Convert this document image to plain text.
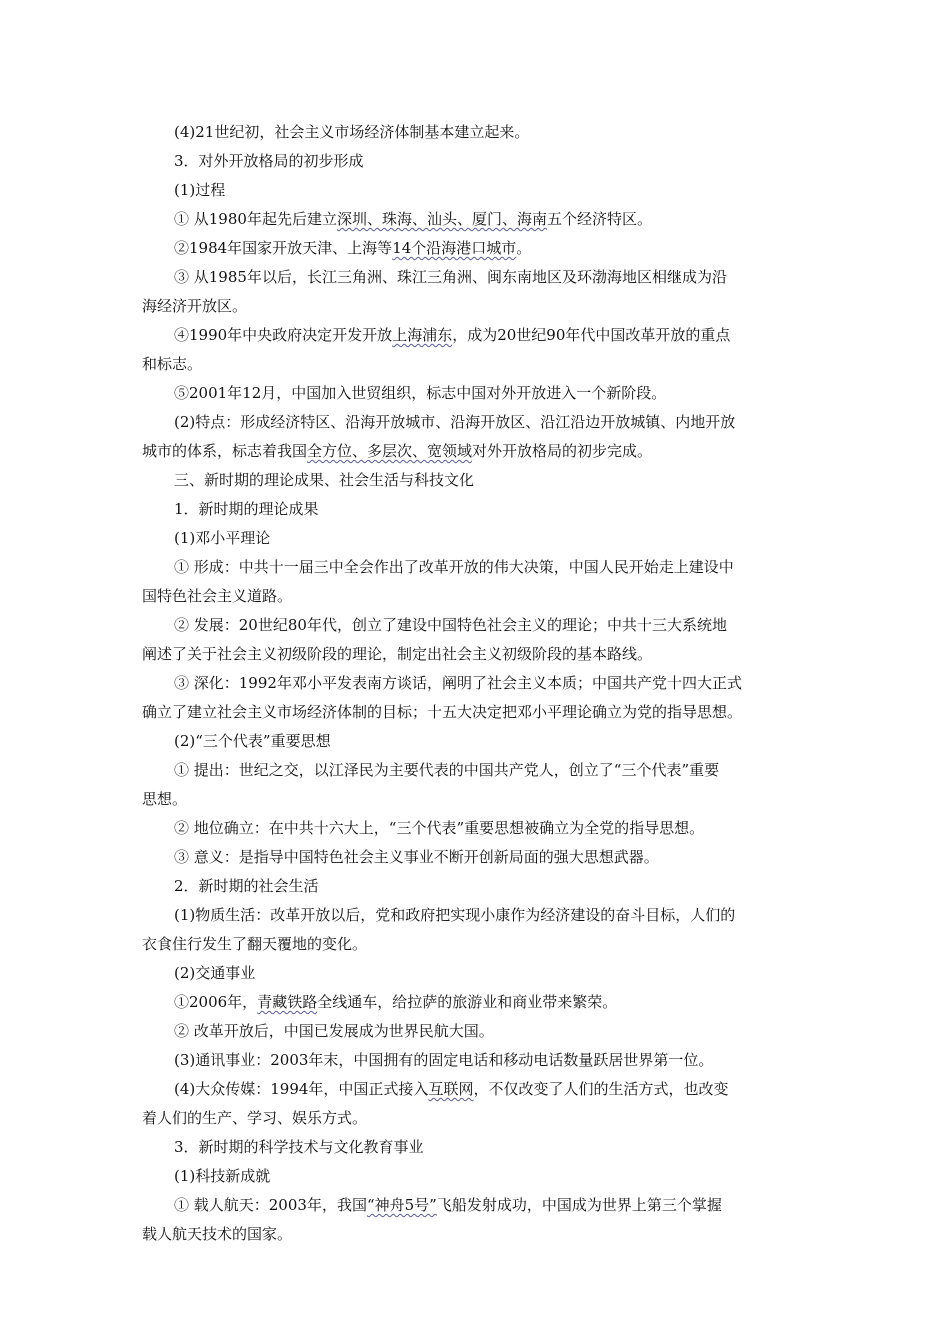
(4)21世纪初，社会主义市场经济体制基本建立起来。

3．对外开放格局的初步形成

(1)过程

① 从1980年起先后建立深圳、珠海、汕头、厦门、海南五个经济特区。

②1984年国家开放天津、上海等14个沿海港口城市。

③ 从1985年以后，长江三角洲、珠江三角洲、闽东南地区及环渤海地区相继成为沿

海经济开放区。

④1990年中央政府决定开发开放上海浦东，成为20世纪90年代中国改革开放的重点

和标志。

⑤2001年12月，中国加入世贸组织，标志中国对外开放进入一个新阶段。

(2)特点：形成经济特区、沿海开放城市、沿海开放区、沿江沿边开放城镇、内地开放

城市的体系，标志着我国全方位、多层次、宽领域对外开放格局的初步完成。

三、新时期的理论成果、社会生活与科技文化

1．新时期的理论成果

(1)邓小平理论

① 形成：中共十一届三中全会作出了改革开放的伟大决策，中国人民开始走上建设中

国特色社会主义道路。

② 发展：20世纪80年代，创立了建设中国特色社会主义的理论；中共十三大系统地

阐述了关于社会主义初级阶段的理论，制定出社会主义初级阶段的基本路线。

③ 深化：1992年邓小平发表南方谈话，阐明了社会主义本质；中国共产党十四大正式

确立了建立社会主义市场经济体制的目标；十五大决定把邓小平理论确立为党的指导思想。

(2)“三个代表”重要思想

① 提出：世纪之交，以江泽民为主要代表的中国共产党人，创立了“三个代表”重要

思想。

② 地位确立：在中共十六大上，“三个代表”重要思想被确立为全党的指导思想。

③ 意义：是指导中国特色社会主义事业不断开创新局面的强大思想武器。

2．新时期的社会生活

(1)物质生活：改革开放以后，党和政府把实现小康作为经济建设的奋斗目标，人们的

衣食住行发生了翻天覆地的变化。

(2)交通事业

①2006年，青藏铁路全线通车，给拉萨的旅游业和商业带来繁荣。

② 改革开放后，中国已发展成为世界民航大国。

(3)通讯事业：2003年末，中国拥有的固定电话和移动电话数量跃居世界第一位。

(4)大众传媒：1994年，中国正式接入互联网，不仅改变了人们的生活方式，也改变

着人们的生产、学习、娱乐方式。

3．新时期的科学技术与文化教育事业

(1)科技新成就

① 载人航天：2003年，我国“神舟5号”飞船发射成功，中国成为世界上第三个掌握

载人航天技术的国家。
